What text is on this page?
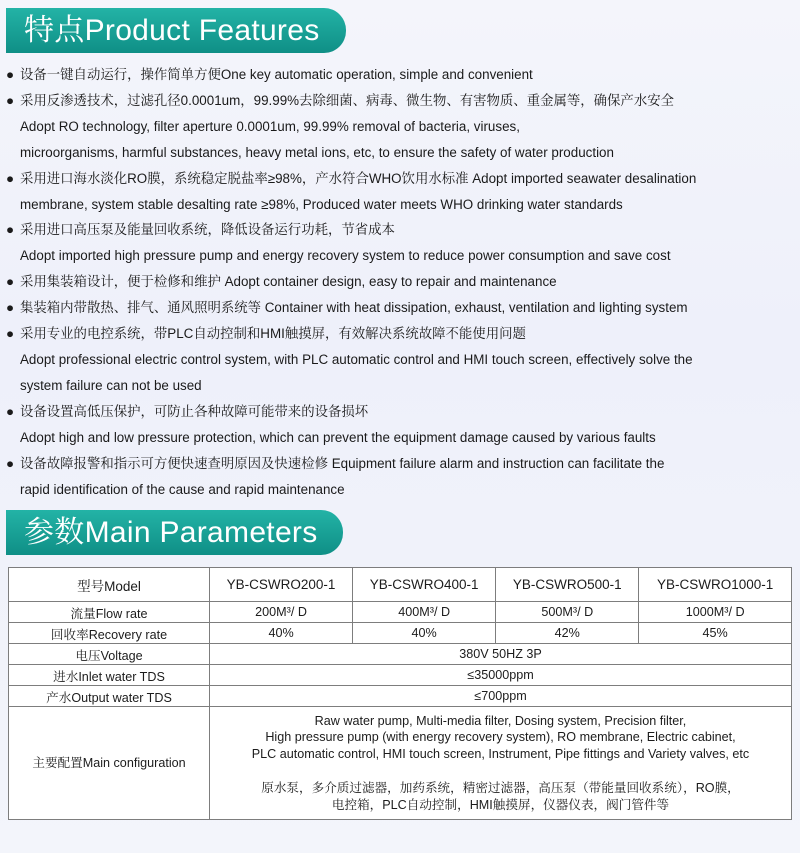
特点Product Features
● 设备一键自动运行，操作简单方便One key automatic operation, simple and convenient
● 采用反渗透技术，过滤孔径0.0001um，99.99%去除细菌、病毒、微生物、有害物质、重金属等，确保产水安全
Adopt RO technology, filter aperture 0.0001um, 99.99% removal of bacteria, viruses,
microorganisms, harmful substances, heavy metal ions, etc, to ensure the safety of water production
● 采用进口海水淡化RO膜，系统稳定脱盐率≥98%，产水符合WHO饮用水标准 Adopt imported seawater desalination
membrane, system stable desalting rate ≥98%, Produced water meets WHO drinking water standards
● 采用进口高压泵及能量回收系统，降低设备运行功耗，节省成本
Adopt imported high pressure pump and energy recovery system to reduce power consumption and save cost
● 采用集装箱设计，便于检修和维护 Adopt container design, easy to repair and maintenance
● 集装箱内带散热、排气、通风照明系统等 Container with heat dissipation, exhaust, ventilation and lighting system
● 采用专业的电控系统，带PLC自动控制和HMI触摸屏，有效解决系统故障不能使用问题
Adopt professional electric control system, with PLC automatic control and HMI touch screen, effectively solve the
system failure can not be used
● 设备设置高低压保护，可防止各种故障可能带来的设备损坏
Adopt high and low pressure protection, which can prevent the equipment damage caused by various faults
● 设备故障报警和指示可方便快速查明原因及快速检修 Equipment failure alarm and instruction can facilitate the
rapid identification of the cause and rapid maintenance
参数Main Parameters
型号Model	YB-CSWRO200-1	YB-CSWRO400-1	YB-CSWRO500-1	YB-CSWRO1000-1
流量Flow rate	200M³/ D	400M³/ D	500M³/ D	1000M³/ D
回收率Recovery rate	40%	40%	42%	45%
电压Voltage	380V 50HZ 3P			
进水Inlet water TDS	≤35000ppm			
产水Output water TDS	≤700ppm			
主要配置Main configuration	Raw water pump, Multi-media filter, Dosing system, Precision filter,
High pressure pump (with energy recovery system), RO membrane, Electric cabinet,
PLC automatic control, HMI touch screen, Instrument, Pipe fittings and Variety valves, etc
原水泵，多介质过滤器，加药系统，精密过滤器，高压泵（带能量回收系统），RO膜，
电控箱，PLC自动控制，HMI触摸屏，仪器仪表，阀门管件等			
